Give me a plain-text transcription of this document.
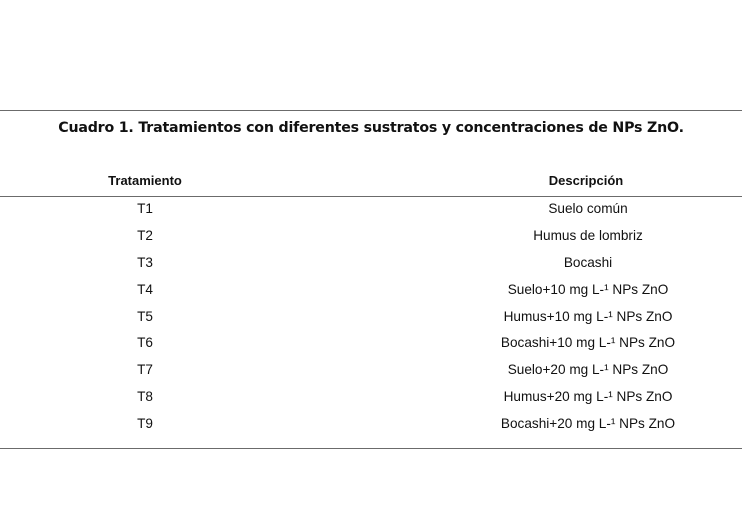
Cuadro 1. Tratamientos con diferentes sustratos y concentraciones de NPs ZnO.
Tratamiento	Descripción
T1	Suelo común
T2	Humus de lombriz
T3	Bocashi
T4	Suelo+10 mg L-¹ NPs ZnO
T5	Humus+10 mg L-¹ NPs ZnO
T6	Bocashi+10 mg L-¹ NPs ZnO
T7	Suelo+20 mg L-¹ NPs ZnO
T8	Humus+20 mg L-¹ NPs ZnO
T9	Bocashi+20 mg L-¹ NPs ZnO
